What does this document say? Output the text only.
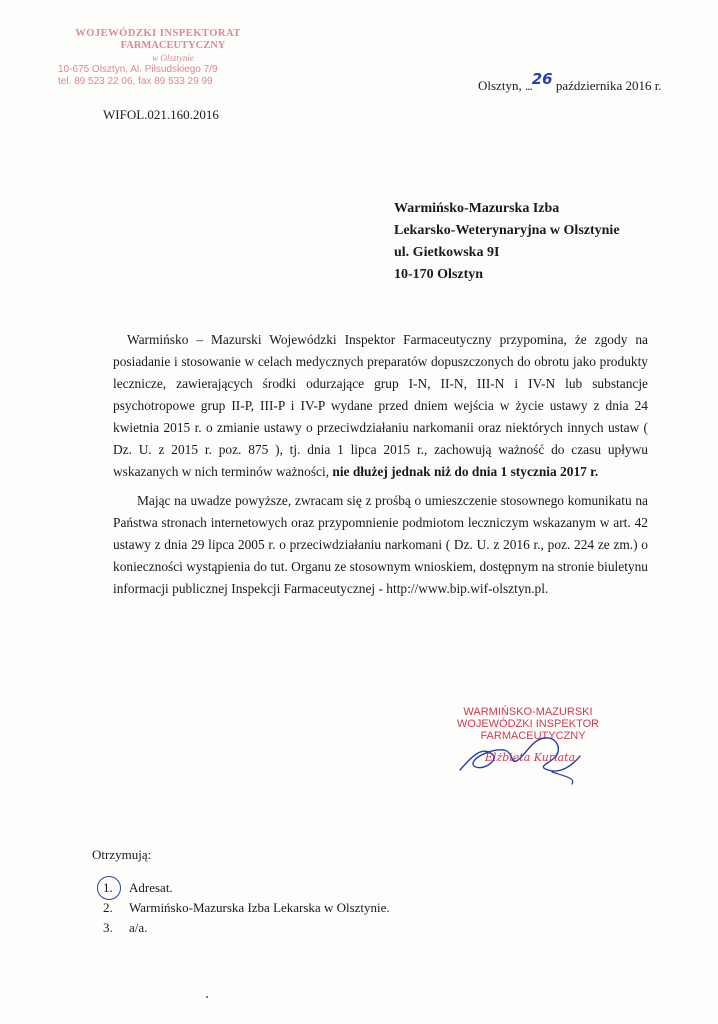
WOJEWÓDZKI INSPEKTORAT
FARMACEUTYCZNY
w Olsztynie
10-675 Olsztyn, Al. Piłsudskiego 7/9
tel. 89 523 22 06, fax 89 533 29 99	Olsztyn, ...26 października 2016 r.
WIFOL.021.160.2016
Warmińsko-Mazurska Izba
Lekarsko-Weterynaryjna w Olsztynie
ul. Gietkowska 9I
10-170 Olsztyn

Warmińsko – Mazurski Wojewódzki Inspektor Farmaceutyczny przypomina, że zgody na posiadanie i stosowanie w celach medycznych preparatów dopuszczonych do obrotu jako produkty lecznicze, zawierających środki odurzające grup I-N, II-N, III-N i IV-N lub substancje psychotropowe grup II-P, III-P i IV-P wydane przed dniem wejścia w życie ustawy z dnia 24 kwietnia 2015 r. o zmianie ustawy o przeciwdziałaniu narkomanii oraz niektórych innych ustaw ( Dz. U. z 2015 r. poz. 875 ), tj. dnia 1 lipca 2015 r., zachowują ważność do czasu upływu wskazanych w nich terminów ważności, nie dłużej jednak niż do dnia 1 stycznia 2017 r.

Mając na uwadze powyższe, zwracam się z prośbą o umieszczenie stosownego komunikatu na Państwa stronach internetowych oraz przypomnienie podmiotom leczniczym wskazanym w art. 42 ustawy z dnia 29 lipca 2005 r. o przeciwdziałaniu narkomani ( Dz. U. z 2016 r., poz. 224 ze zm.) o konieczności wystąpienia do tut. Organu ze stosownym wnioskiem, dostępnym na stronie biuletynu informacji publicznej Inspekcji Farmaceutycznej - http://www.bip.wif-olsztyn.pl.

WARMIŃSKO-MAZURSKI
WOJEWÓDZKI INSPEKTOR
FARMACEUTYCZNY
Elżbieta Kuriata
Otrzymują:
1.	Adresat.
2.	Warmińsko-Mazurska Izba Lekarska w Olsztynie.
3.	a/a.
